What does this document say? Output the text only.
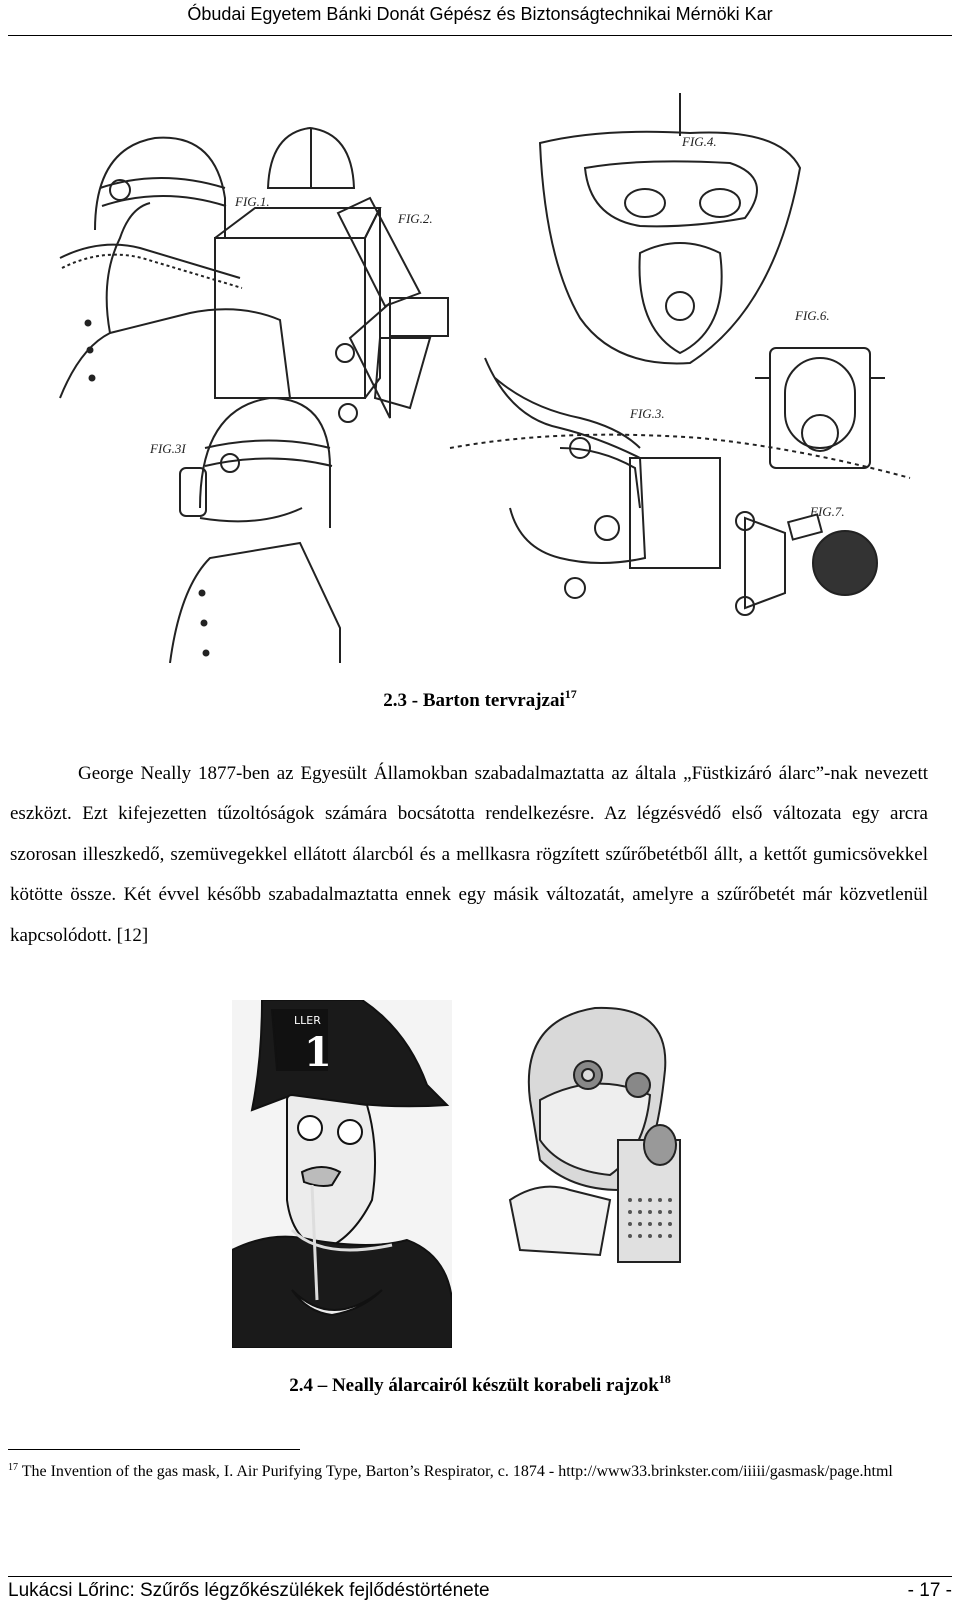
Óbudai Egyetem Bánki Donát Gépész és Biztonságtechnikai Mérnöki Kar
FIG.1.
FIG.2.
FIG.3.
FIG.3I
FIG.4.
FIG.6.
FIG.7.
2.3 - Barton tervrajzai$^{17}$
George Neally 1877-ben az Egyesült Államokban szabadalmaztatta az általa „Füstkizáró álarc”-nak nevezett eszközt. Ezt kifejezetten tűzoltóságok számára bocsátotta rendelkezésre. Az légzésvédő első változata egy arcra szorosan illeszkedő, szemüvegekkel ellátott álarcból és a mellkasra rögzített szűrőbetétből állt, a kettőt gumicsövekkel kötötte össze. Két évvel később szabadalmaztatta ennek egy másik változatát, amelyre a szűrőbetét már közvetlenül kapcsolódott. [12]
1
LLER
2.4 – Neally álarcairól készült korabeli rajzok$^{18}$
$^{17}$ The Invention of the gas mask, I. Air Purifying Type, Barton’s Respirator, c. 1874 - http://www33.brinkster.com/iiiii/gasmask/page.html
Lukácsi Lőrinc: Szűrős légzőkészülékek fejlődéstörténete	- 17 -
